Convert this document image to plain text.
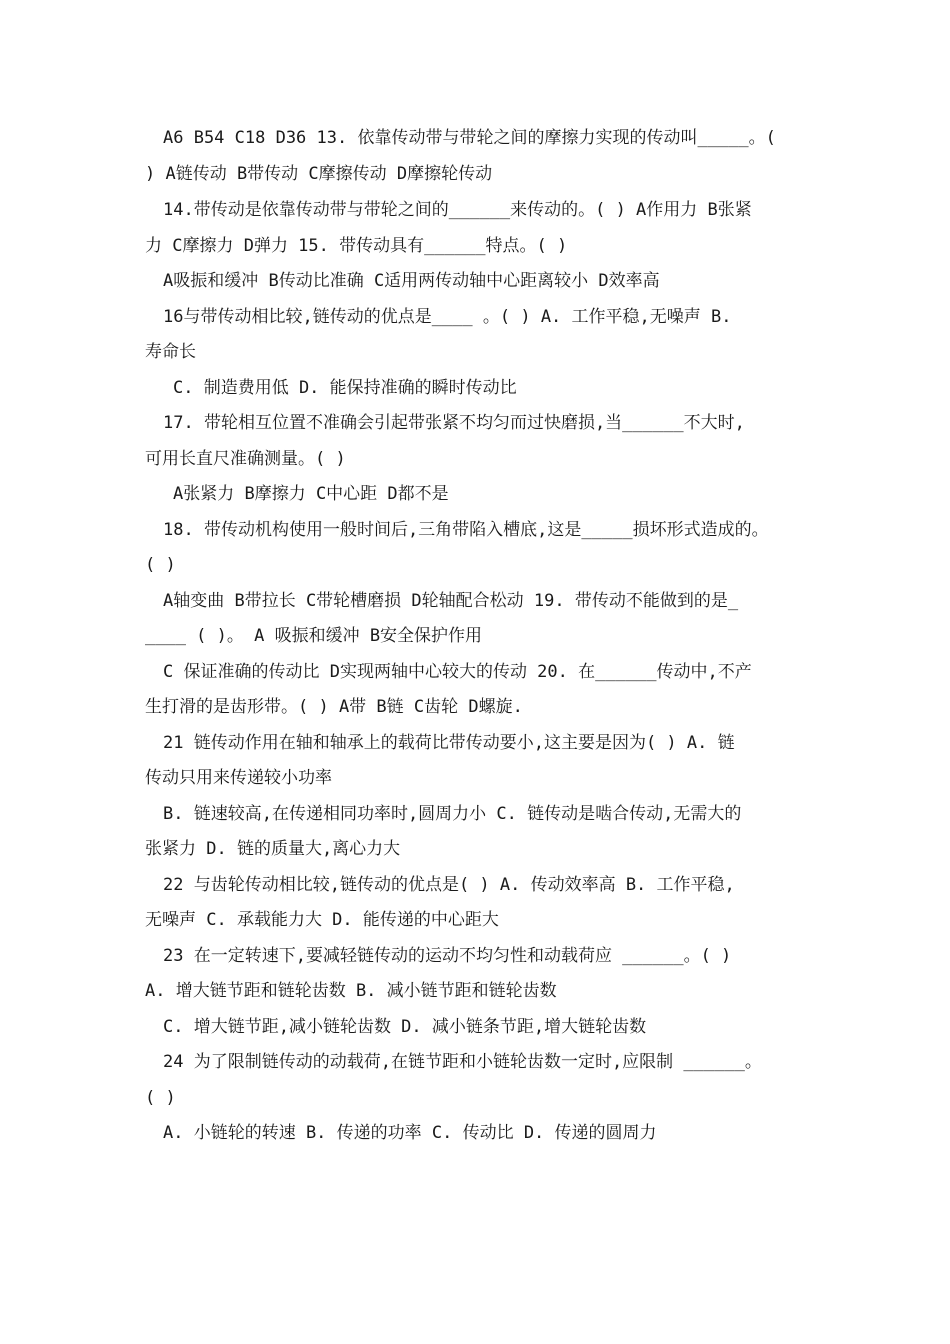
A6 B54 C18 D36 13. 依靠传动带与带轮之间的摩擦力实现的传动叫_____。(
) A链传动 B带传动 C摩擦传动 D摩擦轮传动
14.带传动是依靠传动带与带轮之间的______来传动的。( ) A作用力 B张紧
力 C摩擦力 D弹力 15. 带传动具有______特点。( )
A吸振和缓冲 B传动比准确 C适用两传动轴中心距离较小 D效率高
16与带传动相比较,链传动的优点是____ 。( ) A. 工作平稳,无噪声 B.
寿命长
C. 制造费用低 D. 能保持准确的瞬时传动比
17. 带轮相互位置不准确会引起带张紧不均匀而过快磨损,当______不大时,
可用长直尺准确测量。( )
A张紧力 B摩擦力 C中心距 D都不是
18. 带传动机构使用一般时间后,三角带陷入槽底,这是_____损坏形式造成的。
( )
A轴变曲 B带拉长 C带轮槽磨损 D轮轴配合松动 19. 带传动不能做到的是_
____ ( )。 A 吸振和缓冲 B安全保护作用
C 保证准确的传动比 D实现两轴中心较大的传动 20. 在______传动中,不产
生打滑的是齿形带。( ) A带 B链 C齿轮 D螺旋.
21 链传动作用在轴和轴承上的载荷比带传动要小,这主要是因为( ) A. 链
传动只用来传递较小功率
B. 链速较高,在传递相同功率时,圆周力小 C. 链传动是啮合传动,无需大的
张紧力 D. 链的质量大,离心力大
22 与齿轮传动相比较,链传动的优点是( ) A. 传动效率高 B. 工作平稳,
无噪声 C. 承载能力大 D. 能传递的中心距大
23 在一定转速下,要减轻链传动的运动不均匀性和动载荷应 ______。( )
A. 增大链节距和链轮齿数 B. 减小链节距和链轮齿数
C. 增大链节距,减小链轮齿数 D. 减小链条节距,增大链轮齿数
24 为了限制链传动的动载荷,在链节距和小链轮齿数一定时,应限制 ______。
( )
A. 小链轮的转速 B. 传递的功率 C. 传动比 D. 传递的圆周力
